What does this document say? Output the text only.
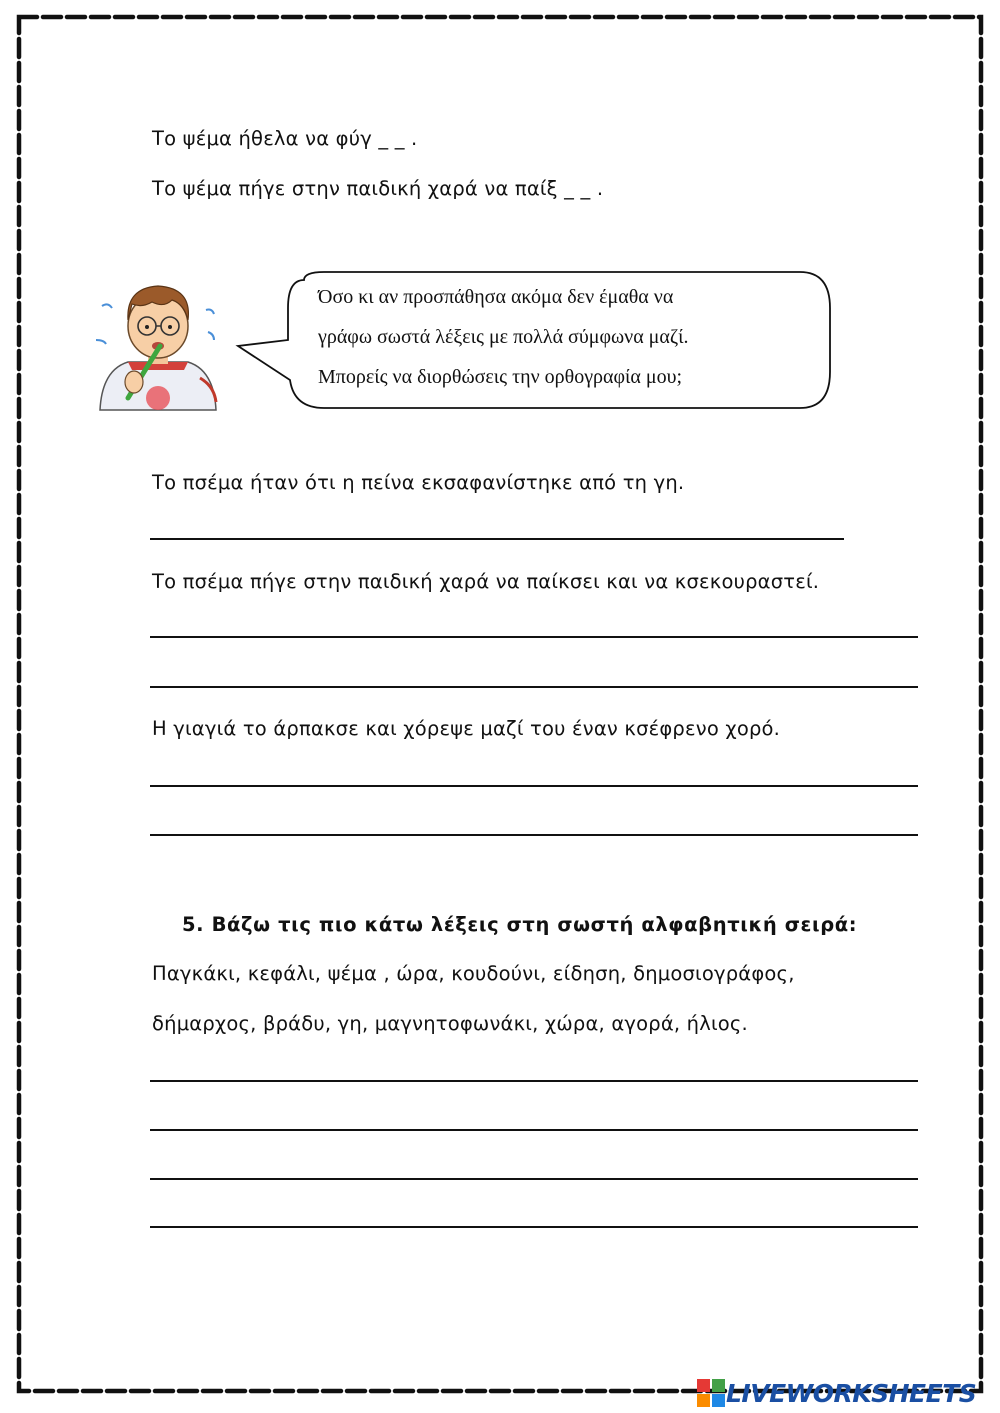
Το ψέμα ήθελα να φύγ _ _ .
Το ψέμα πήγε στην παιδική χαρά να παίξ _ _ .
Όσο κι αν προσπάθησα ακόμα δεν έμαθα να
γράφω σωστά λέξεις με πολλά σύμφωνα μαζί.
Μπορείς να διορθώσεις την ορθογραφία μου;
Το πσέμα ήταν ότι η πείνα εκσαφανίστηκε από τη γη.
Το πσέμα πήγε στην παιδική χαρά να παίκσει και να κσεκουραστεί.
Η γιαγιά το άρπακσε και χόρεψε μαζί του έναν κσέφρενο χορό.
5. Βάζω τις πιο κάτω λέξεις στη σωστή αλφαβητική σειρά:
Παγκάκι, κεφάλι, ψέμα , ώρα, κουδούνι, είδηση, δημοσιογράφος,
δήμαρχος, βράδυ, γη, μαγνητοφωνάκι, χώρα, αγορά, ήλιος.
LIVEWORKSHEETS
